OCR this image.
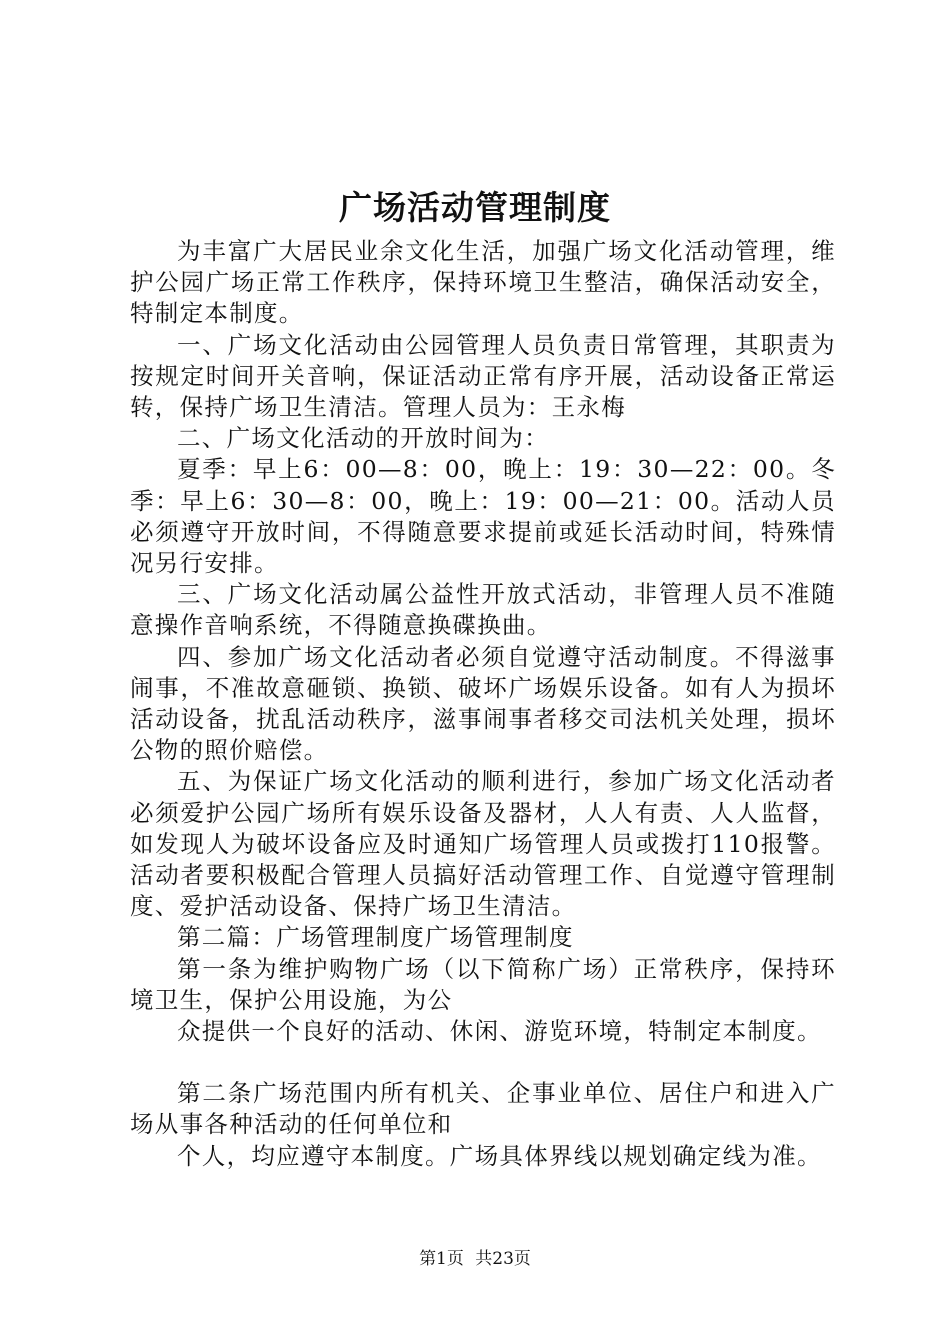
广场活动管理制度

为丰富广大居民业余文化生活，加强广场文化活动管理，维护公园广场正常工作秩序，保持环境卫生整洁，确保活动安全，特制定本制度。

一、广场文化活动由公园管理人员负责日常管理，其职责为按规定时间开关音响，保证活动正常有序开展，活动设备正常运转，保持广场卫生清洁。管理人员为：王永梅

二、广场文化活动的开放时间为：

夏季：早上6：00—8：00，晚上：19：30—22：00。冬季：早上6：30—8：00，晚上：19：00—21：00。活动人员必须遵守开放时间，不得随意要求提前或延长活动时间，特殊情况另行安排。

三、广场文化活动属公益性开放式活动，非管理人员不准随意操作音响系统，不得随意换碟换曲。

四、参加广场文化活动者必须自觉遵守活动制度。不得滋事闹事，不准故意砸锁、换锁、破坏广场娱乐设备。如有人为损坏活动设备，扰乱活动秩序，滋事闹事者移交司法机关处理，损坏公物的照价赔偿。

五、为保证广场文化活动的顺利进行，参加广场文化活动者必须爱护公园广场所有娱乐设备及器材，人人有责、人人监督，如发现人为破坏设备应及时通知广场管理人员或拨打110报警。活动者要积极配合管理人员搞好活动管理工作、自觉遵守管理制度、爱护活动设备、保持广场卫生清洁。

第二篇：广场管理制度广场管理制度

第一条为维护购物广场（以下简称广场）正常秩序，保持环境卫生，保护公用设施，为公

众提供一个良好的活动、休闲、游览环境，特制定本制度。

第二条广场范围内所有机关、企事业单位、居住户和进入广场从事各种活动的任何单位和

个人，均应遵守本制度。广场具体界线以规划确定线为准。

第1页 共23页
